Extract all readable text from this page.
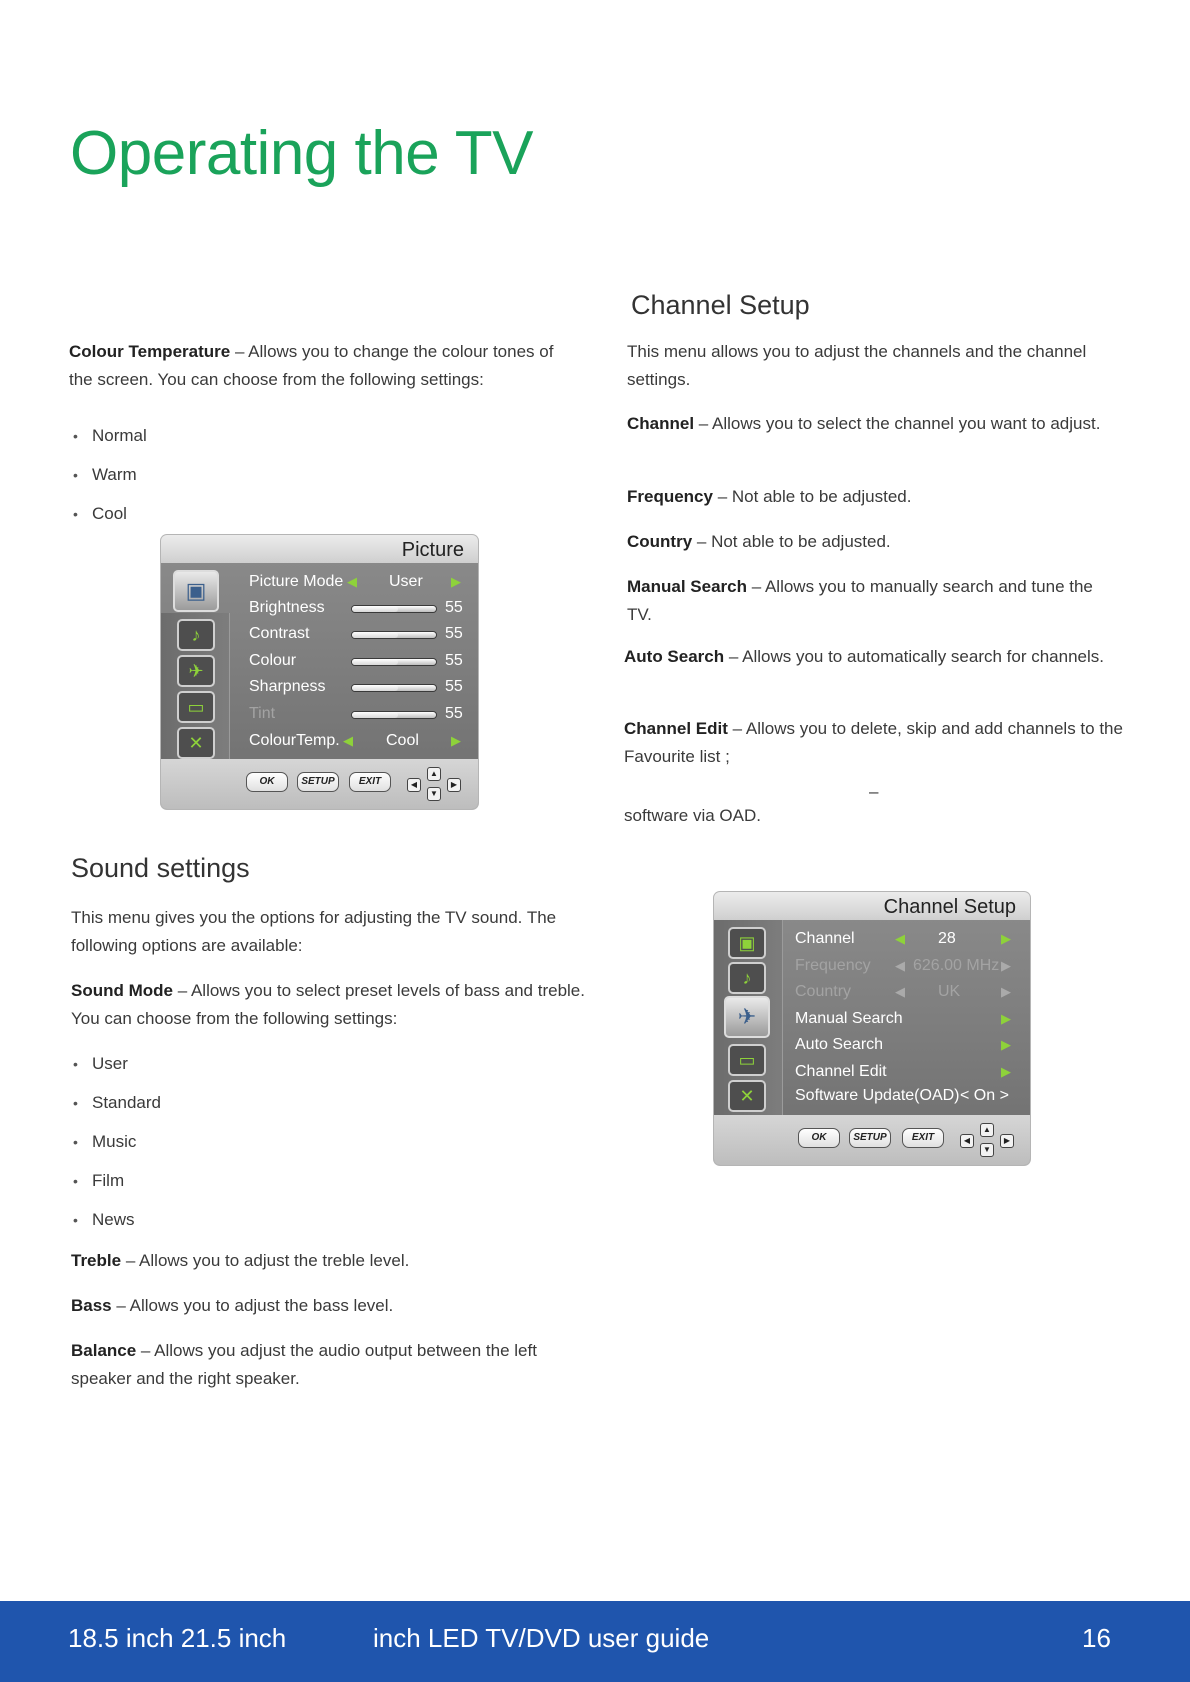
Operating the TV
Colour Temperature – Allows you to change the colour tones of the screen. You can choose from the following settings:
• Normal
• Warm
• Cool
Picture
▣
♪
✈
▭
✕
Picture Mode ◀ User ▶
Brightness	55
Contrast	55
Colour	55
Sharpness	55
Tint	55
ColourTemp. ◀ Cool ▶
OK	SETUP	EXIT	◀
▲
▼
▶
Sound settings
This menu gives you the options for adjusting the TV sound. The following options are available:
Sound Mode – Allows you to select preset levels of bass and treble. You can choose from the following settings:
• User
• Standard
• Music
• Film
• News
Treble – Allows you to adjust the treble level.
Bass – Allows you to adjust the bass level.
Balance – Allows you adjust the audio output between the left speaker and the right speaker.
Channel Setup
This menu allows you to adjust the channels and the channel settings.
Channel – Allows you to select the channel you want to adjust.
Frequency – Not able to be adjusted.
Country – Not able to be adjusted.
Manual Search – Allows you to manually search and tune the TV.
Auto Search – Allows you to automatically search for channels.
Channel Edit – Allows you to delete, skip and add channels to the Favourite list ;
–
software via OAD.
Channel Setup
▣
♪
✈
▭
✕
Channel	◀ 28	▶
Frequency ◀ 626.00 MHz ▶
Country	◀ UK	▶
Manual Search	▶
Auto Search	▶
Channel Edit	▶
Software Update(OAD) < On >
OK	SETUP	EXIT	◀
▲
▼
▶
18.5 inch 21.5 inch	inch LED TV/DVD user guide	16
